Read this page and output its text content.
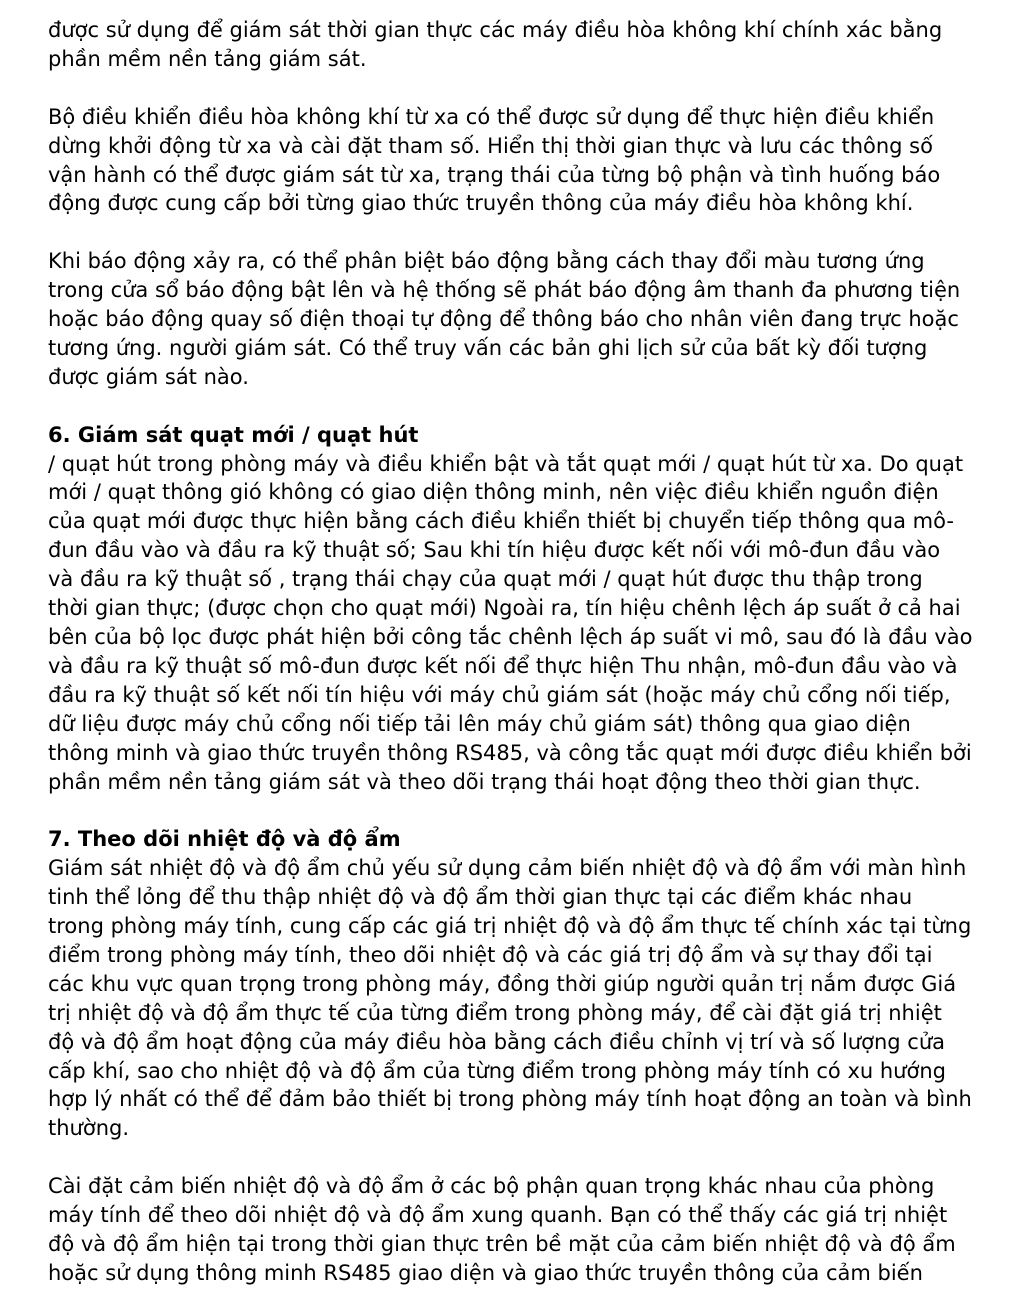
được sử dụng để giám sát thời gian thực các máy điều hòa không khí chính xác bằng
phần mềm nền tảng giám sát.
Bộ điều khiển điều hòa không khí từ xa có thể được sử dụng để thực hiện điều khiển
dừng khởi động từ xa và cài đặt tham số. Hiển thị thời gian thực và lưu các thông số
vận hành có thể được giám sát từ xa, trạng thái của từng bộ phận và tình huống báo
động được cung cấp bởi từng giao thức truyền thông của máy điều hòa không khí.
Khi báo động xảy ra, có thể phân biệt báo động bằng cách thay đổi màu tương ứng
trong cửa sổ báo động bật lên và hệ thống sẽ phát báo động âm thanh đa phương tiện
hoặc báo động quay số điện thoại tự động để thông báo cho nhân viên đang trực hoặc
tương ứng. người giám sát. Có thể truy vấn các bản ghi lịch sử của bất kỳ đối tượng
được giám sát nào.
6. Giám sát quạt mới / quạt hút
/ quạt hút trong phòng máy và điều khiển bật và tắt quạt mới / quạt hút từ xa. Do quạt
mới / quạt thông gió không có giao diện thông minh, nên việc điều khiển nguồn điện
của quạt mới được thực hiện bằng cách điều khiển thiết bị chuyển tiếp thông qua mô-
đun đầu vào và đầu ra kỹ thuật số; Sau khi tín hiệu được kết nối với mô-đun đầu vào
và đầu ra kỹ thuật số , trạng thái chạy của quạt mới / quạt hút được thu thập trong
thời gian thực; (được chọn cho quạt mới) Ngoài ra, tín hiệu chênh lệch áp suất ở cả hai
bên của bộ lọc được phát hiện bởi công tắc chênh lệch áp suất vi mô, sau đó là đầu vào
và đầu ra kỹ thuật số mô-đun được kết nối để thực hiện Thu nhận, mô-đun đầu vào và
đầu ra kỹ thuật số kết nối tín hiệu với máy chủ giám sát (hoặc máy chủ cổng nối tiếp,
dữ liệu được máy chủ cổng nối tiếp tải lên máy chủ giám sát) thông qua giao diện
thông minh và giao thức truyền thông RS485, và công tắc quạt mới được điều khiển bởi
phần mềm nền tảng giám sát và theo dõi trạng thái hoạt động theo thời gian thực.
7. Theo dõi nhiệt độ và độ ẩm
Giám sát nhiệt độ và độ ẩm chủ yếu sử dụng cảm biến nhiệt độ và độ ẩm với màn hình
tinh thể lỏng để thu thập nhiệt độ và độ ẩm thời gian thực tại các điểm khác nhau
trong phòng máy tính, cung cấp các giá trị nhiệt độ và độ ẩm thực tế chính xác tại từng
điểm trong phòng máy tính, theo dõi nhiệt độ và các giá trị độ ẩm và sự thay đổi tại
các khu vực quan trọng trong phòng máy, đồng thời giúp người quản trị nắm được Giá
trị nhiệt độ và độ ẩm thực tế của từng điểm trong phòng máy, để cài đặt giá trị nhiệt
độ và độ ẩm hoạt động của máy điều hòa bằng cách điều chỉnh vị trí và số lượng cửa
cấp khí, sao cho nhiệt độ và độ ẩm của từng điểm trong phòng máy tính có xu hướng
hợp lý nhất có thể để đảm bảo thiết bị trong phòng máy tính hoạt động an toàn và bình
thường.
Cài đặt cảm biến nhiệt độ và độ ẩm ở các bộ phận quan trọng khác nhau của phòng
máy tính để theo dõi nhiệt độ và độ ẩm xung quanh. Bạn có thể thấy các giá trị nhiệt
độ và độ ẩm hiện tại trong thời gian thực trên bề mặt của cảm biến nhiệt độ và độ ẩm
hoặc sử dụng thông minh RS485 giao diện và giao thức truyền thông của cảm biến
